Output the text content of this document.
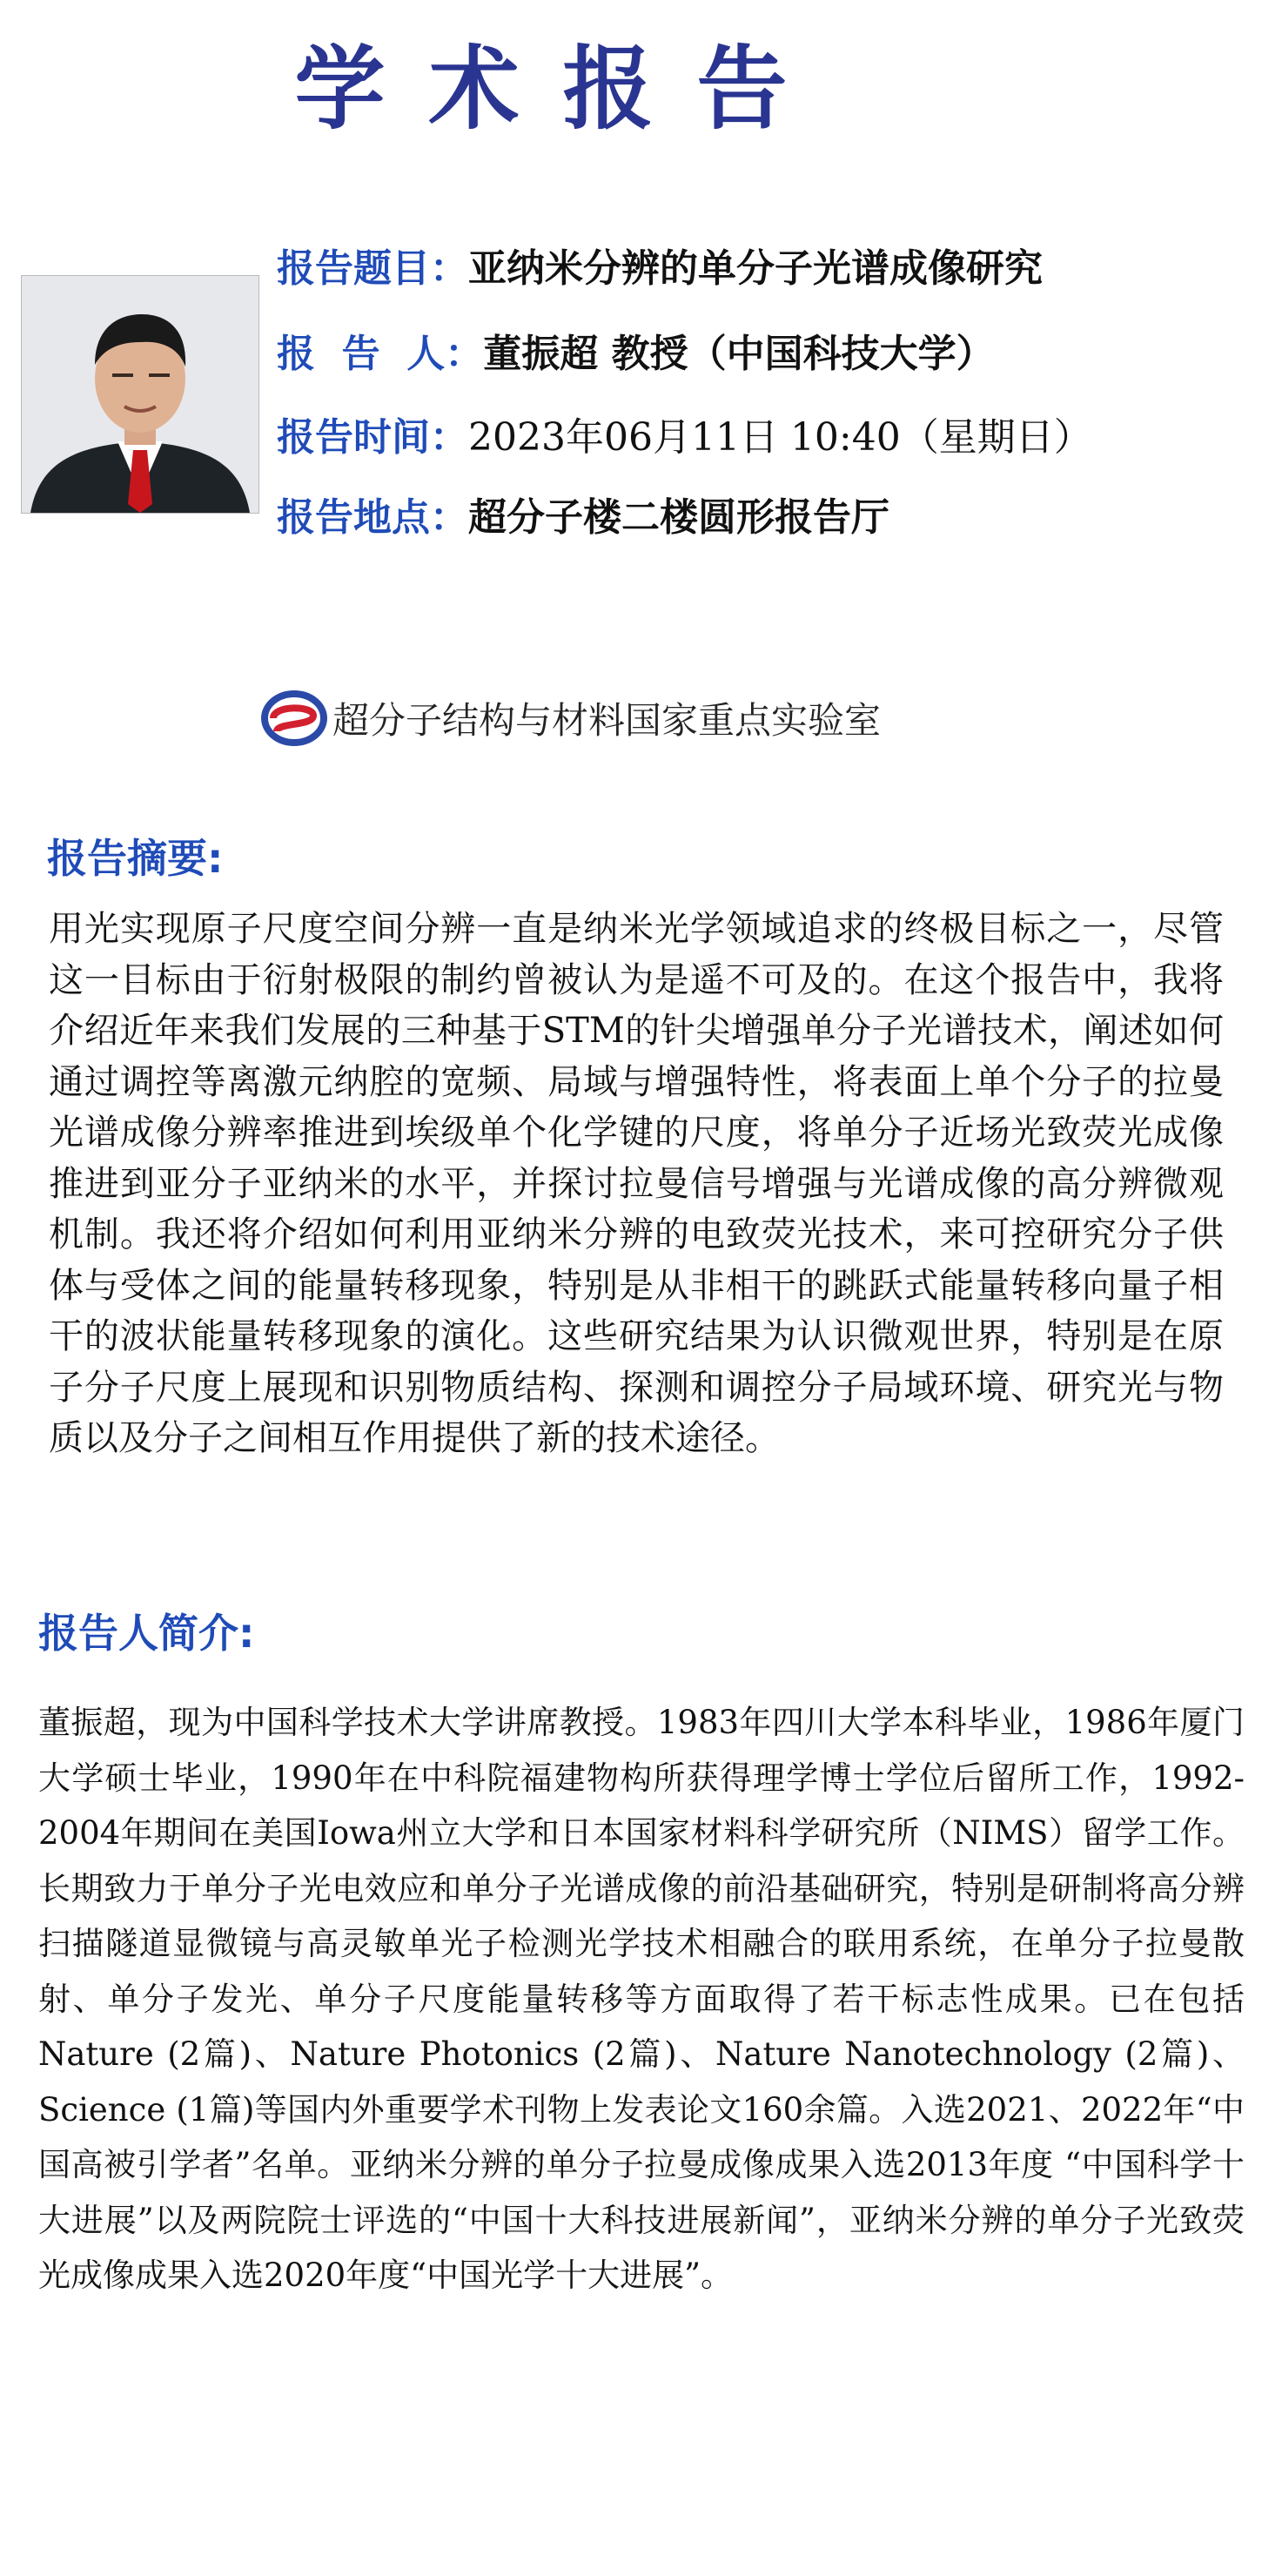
学术报告
报告题目：亚纳米分辨的单分子光谱成像研究
报  告  人：董振超 教授（中国科技大学）
报告时间：2023年06月11日 10:40（星期日）
报告地点：超分子楼二楼圆形报告厅
超分子结构与材料国家重点实验室
报告摘要:
用光实现原子尺度空间分辨一直是纳米光学领域追求的终极目标之一，尽管这一目标由于衍射极限的制约曾被认为是遥不可及的。在这个报告中，我将介绍近年来我们发展的三种基于STM的针尖增强单分子光谱技术，阐述如何通过调控等离激元纳腔的宽频、局域与增强特性，将表面上单个分子的拉曼光谱成像分辨率推进到埃级单个化学键的尺度，将单分子近场光致荧光成像推进到亚分子亚纳米的水平，并探讨拉曼信号增强与光谱成像的高分辨微观机制。我还将介绍如何利用亚纳米分辨的电致荧光技术，来可控研究分子供体与受体之间的能量转移现象，特别是从非相干的跳跃式能量转移向量子相干的波状能量转移现象的演化。这些研究结果为认识微观世界，特别是在原子分子尺度上展现和识别物质结构、探测和调控分子局域环境、研究光与物质以及分子之间相互作用提供了新的技术途径。
报告人简介:
董振超，现为中国科学技术大学讲席教授。1983年四川大学本科毕业，1986年厦门大学硕士毕业，1990年在中科院福建物构所获得理学博士学位后留所工作，1992-2004年期间在美国Iowa州立大学和日本国家材料科学研究所（NIMS）留学工作。长期致力于单分子光电效应和单分子光谱成像的前沿基础研究，特别是研制将高分辨扫描隧道显微镜与高灵敏单光子检测光学技术相融合的联用系统，在单分子拉曼散射、单分子发光、单分子尺度能量转移等方面取得了若干标志性成果。已在包括Nature (2篇)、Nature Photonics (2篇)、Nature Nanotechnology (2篇)、Science (1篇)等国内外重要学术刊物上发表论文160余篇。入选2021、2022年“中国高被引学者”名单。亚纳米分辨的单分子拉曼成像成果入选2013年度 “中国科学十大进展”以及两院院士评选的“中国十大科技进展新闻”，亚纳米分辨的单分子光致荧光成像成果入选2020年度“中国光学十大进展”。
